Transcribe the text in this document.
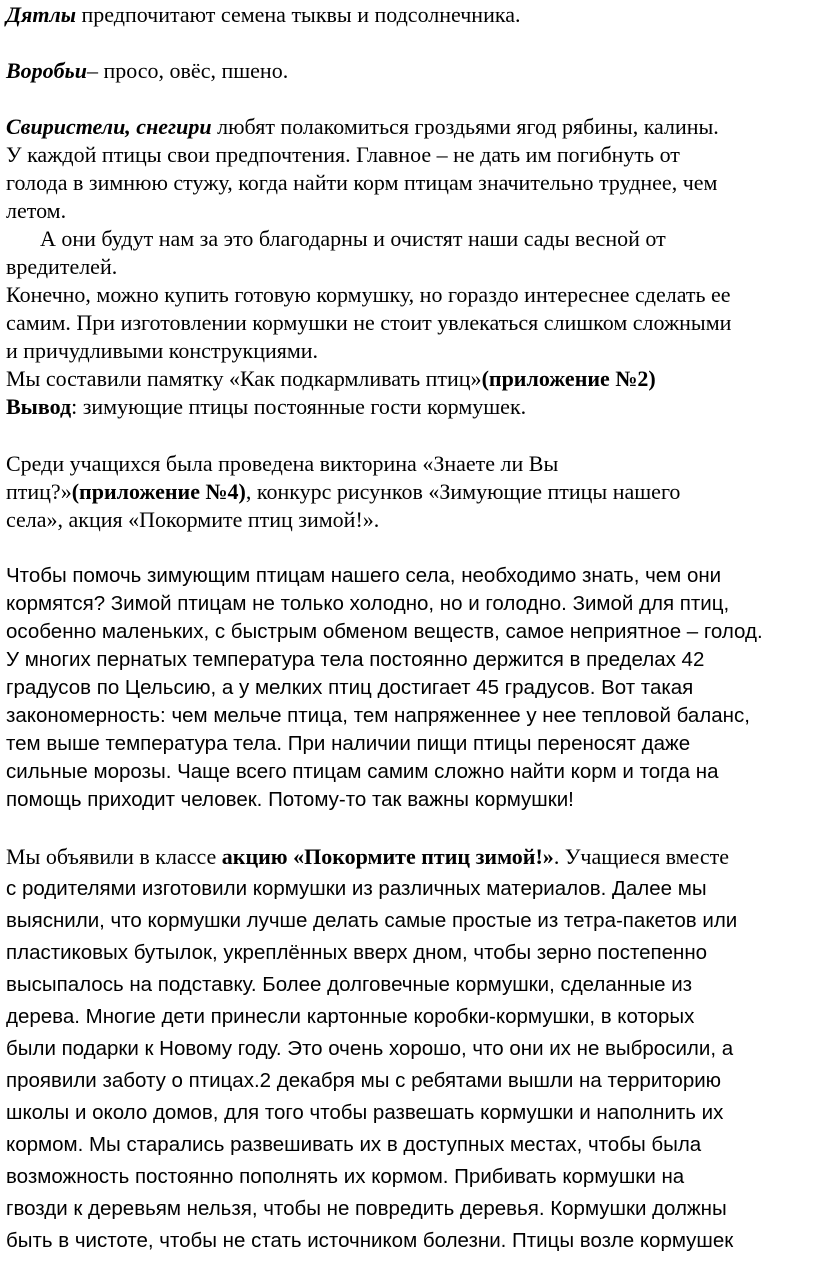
Дятлы предпочитают семена тыквы и подсолнечника.
Воробьи– просо, овёс, пшено.
Свиристели, снегири любят полакомиться гроздьями ягод рябины, калины.
У каждой птицы свои предпочтения. Главное – не дать им погибнуть от
голода в зимнюю стужу, когда найти корм птицам значительно труднее, чем
летом.
А они будут нам за это благодарны и очистят наши сады весной от
вредителей.
Конечно, можно купить готовую кормушку, но гораздо интереснее сделать ее
самим. При изготовлении кормушки не стоит увлекаться слишком сложными
и причудливыми конструкциями.
Мы составили памятку «Как подкармливать птиц»(приложение №2)
Вывод: зимующие птицы постоянные гости кормушек.
Среди учащихся была проведена викторина «Знаете ли Вы
птиц?»(приложение №4), конкурс рисунков «Зимующие птицы нашего
села», акция «Покормите птиц зимой!».
Чтобы помочь зимующим птицам нашего села, необходимо знать, чем они
кормятся? Зимой птицам не только холодно, но и голодно. Зимой для птиц,
особенно маленьких, с быстрым обменом веществ, самое неприятное – голод.
У многих пернатых температура тела постоянно держится в пределах 42
градусов по Цельсию, а у мелких птиц достигает 45 градусов. Вот такая
закономерность: чем мельче птица, тем напряженнее у нее тепловой баланс,
тем выше температура тела. При наличии пищи птицы переносят даже
сильные морозы. Чаще всего птицам самим сложно найти корм и тогда на
помощь приходит человек. Потому-то так важны кормушки!
Мы объявили в классе акцию «Покормите птиц зимой!». Учащиеся вместе
с родителями изготовили кормушки из различных материалов. Далее мы
выяснили, что кормушки лучше делать самые простые из тетра-пакетов или
пластиковых бутылок, укреплённых вверх дном, чтобы зерно постепенно
высыпалось на подставку. Более долговечные кормушки, сделанные из
дерева. Многие дети принесли картонные коробки-кормушки, в которых
были подарки к Новому году. Это очень хорошо, что они их не выбросили, а
проявили заботу о птицах.2 декабря мы с ребятами вышли на территорию
школы и около домов, для того чтобы развешать кормушки и наполнить их
кормом. Мы старались развешивать их в доступных местах, чтобы была
возможность постоянно пополнять их кормом. Прибивать кормушки на
гвозди к деревьям нельзя, чтобы не повредить деревья. Кормушки должны
быть в чистоте, чтобы не стать источником болезни. Птицы возле кормушек
